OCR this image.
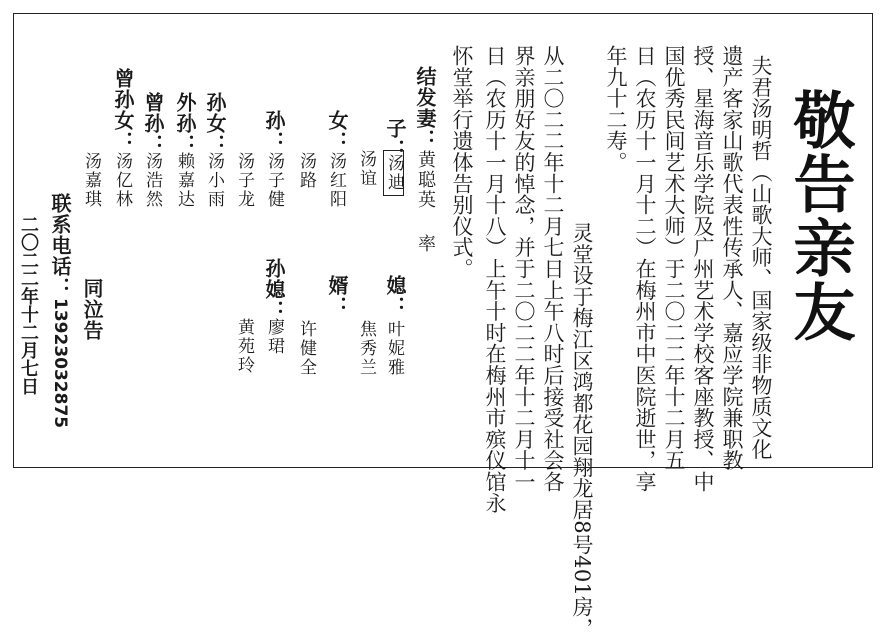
敬告亲友
夫君汤明哲（山歌大师、国家级非物质文化
遗产客家山歌代表性传承人、嘉应学院兼职教
授、星海音乐学院及广州艺术学校客座教授、中
国优秀民间艺术大师）于二〇二二年十二月五
日（农历十一月十二）在梅州市中医院逝世，享
年九十二寿。
灵堂设于梅江区鸿都花园翔龙居8号401房，
从二〇二二年十二月七日上午八时后接受社会各
界亲朋好友的悼念，并于二〇二二年十二月十一
日（农历十一月十八）上午十时在梅州市殡仪馆永
怀堂举行遗体告别仪式。
结发妻：黄聪英率
子：
汤迪
汤谊
媳：
叶妮雅
焦秀兰
女：
汤红阳
汤路
婿：
许健全
孙：
汤子健
汤子龙
孙媳：
廖珺
黄苑玲
孙女：
汤小雨
外孙：
赖嘉达
曾孙：
汤浩然
曾孙女：
汤亿林
汤嘉琪
同泣告
联系电话：13923032875
二〇二二年十二月七日
